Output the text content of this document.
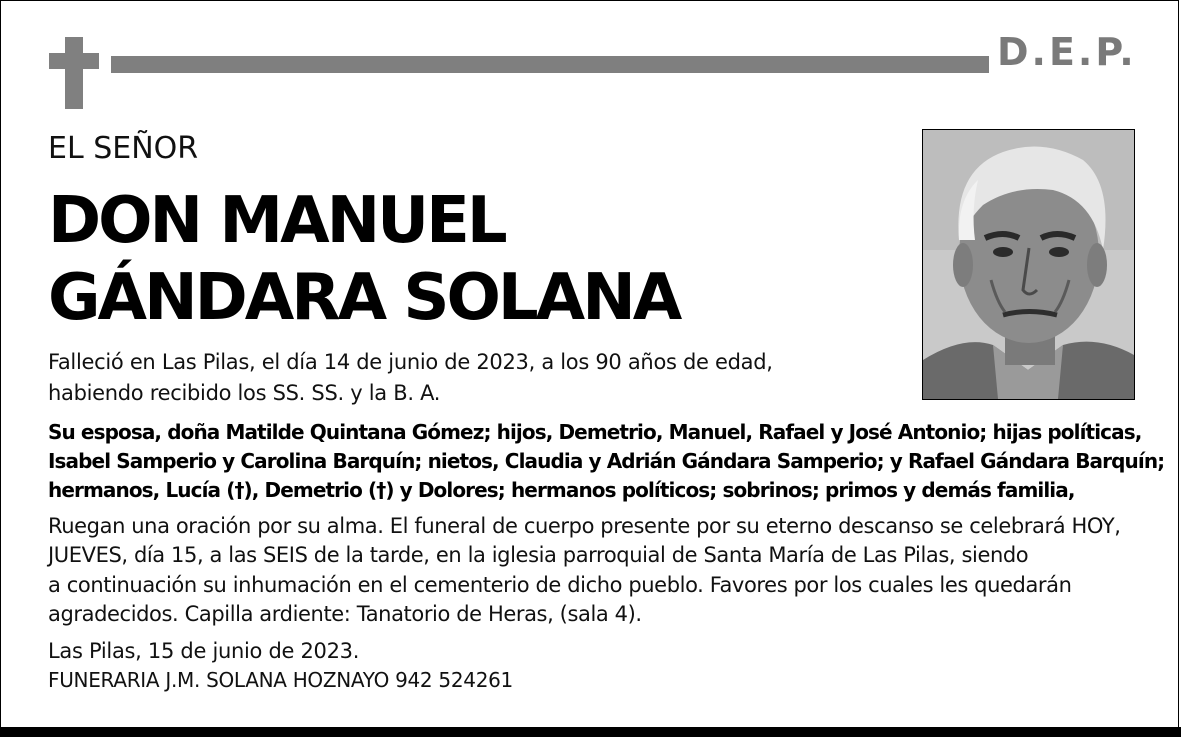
D.E.P.
EL SEÑOR
DON MANUEL
GÁNDARA SOLANA
Falleció en Las Pilas, el día 14 de junio de 2023, a los 90 años de edad,
habiendo recibido los SS. SS. y la B. A.
Su esposa, doña Matilde Quintana Gómez; hijos, Demetrio, Manuel, Rafael y José Antonio; hijas políticas,
Isabel Samperio y Carolina Barquín; nietos, Claudia y Adrián Gándara Samperio; y Rafael Gándara Barquín;
hermanos, Lucía (†), Demetrio (†) y Dolores; hermanos políticos; sobrinos; primos y demás familia,
Ruegan una oración por su alma. El funeral de cuerpo presente por su eterno descanso se celebrará HOY,
JUEVES, día 15, a las SEIS de la tarde, en la iglesia parroquial de Santa María de Las Pilas, siendo
a continuación su inhumación en el cementerio de dicho pueblo. Favores por los cuales les quedarán
agradecidos. Capilla ardiente: Tanatorio de Heras, (sala 4).
Las Pilas, 15 de junio de 2023.
FUNERARIA J.M. SOLANA HOZNAYO 942 524261
